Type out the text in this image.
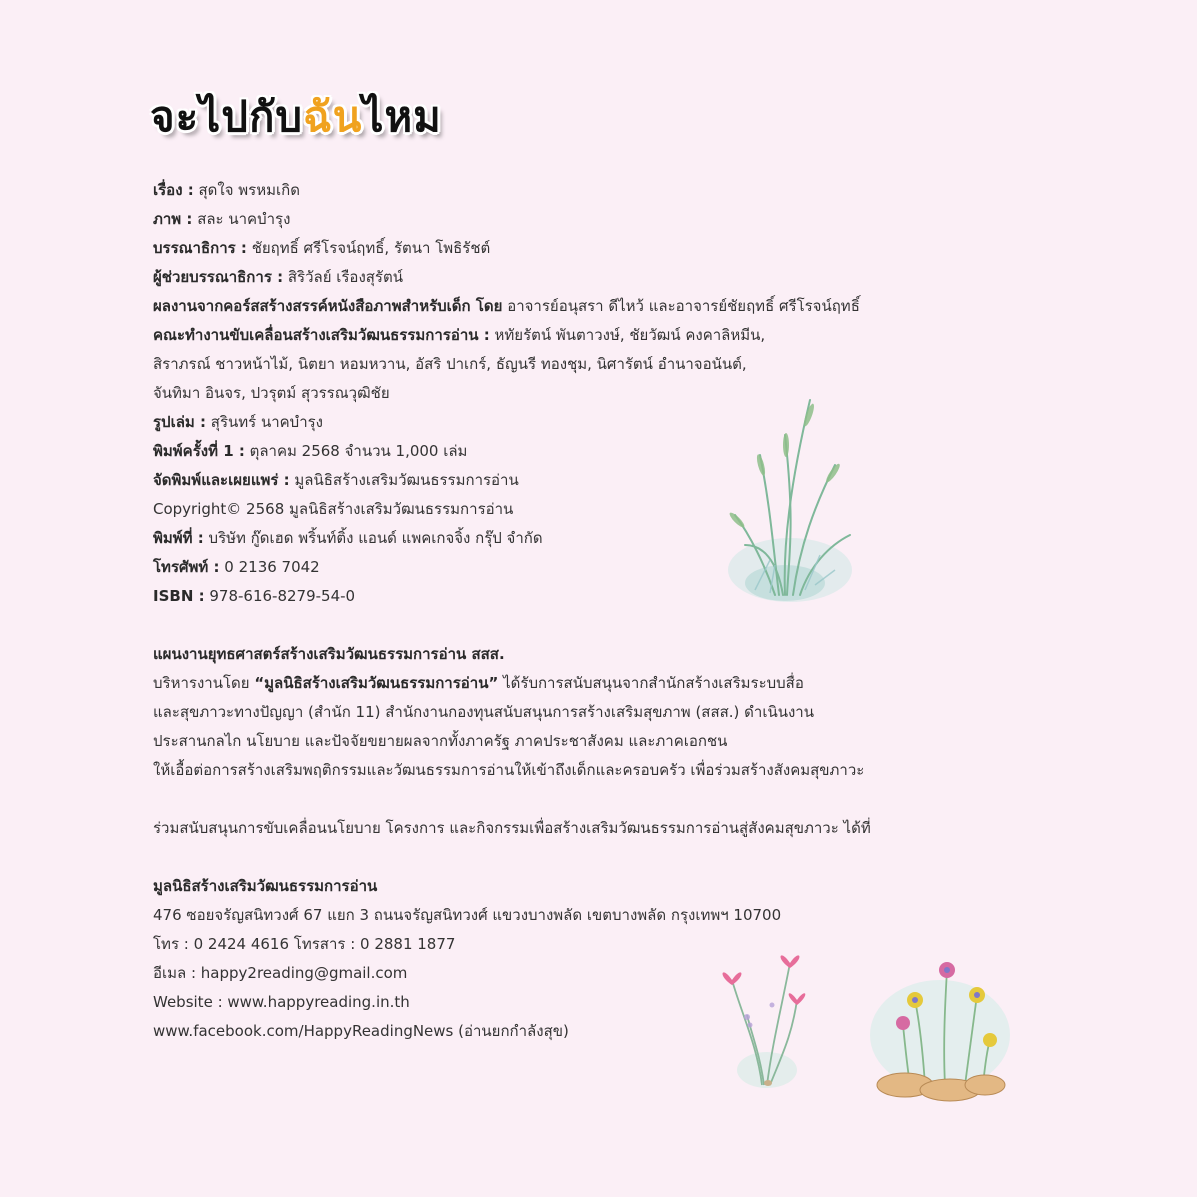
จะไปกับฉันไหม
เรื่อง : สุดใจ พรหมเกิด
ภาพ : สละ นาคบำรุง
บรรณาธิการ : ชัยฤทธิ์ ศรีโรจน์ฤทธิ์, รัตนา โพธิรัชต์
ผู้ช่วยบรรณาธิการ : สิริวัลย์ เรืองสุรัตน์
ผลงานจากคอร์สสร้างสรรค์หนังสือภาพสำหรับเด็ก โดย อาจารย์อนุสรา ดีไหว้ และอาจารย์ชัยฤทธิ์ ศรีโรจน์ฤทธิ์
คณะทำงานขับเคลื่อนสร้างเสริมวัฒนธรรมการอ่าน : หทัยรัตน์ พันตาวงษ์, ชัยวัฒน์ คงคาลิหมีน,
สิราภรณ์ ชาวหน้าไม้, นิตยา หอมหวาน, อัสริ ปาเกร์, ธัญนรี ทองชุม, นิศารัตน์ อำนาจอนันต์,
จันทิมา อินจร, ปวรุตม์ สุวรรณวุฒิชัย
รูปเล่ม : สุรินทร์ นาคบำรุง
พิมพ์ครั้งที่ 1 : ตุลาคม 2568 จำนวน 1,000 เล่ม
จัดพิมพ์และเผยแพร่ : มูลนิธิสร้างเสริมวัฒนธรรมการอ่าน
Copyright© 2568 มูลนิธิสร้างเสริมวัฒนธรรมการอ่าน
พิมพ์ที่ : บริษัท กู๊ดเฮด พริ้นท์ติ้ง แอนด์ แพคเกจจิ้ง กรุ๊ป จำกัด
โทรศัพท์ : 0 2136 7042
ISBN : 978-616-8279-54-0
แผนงานยุทธศาสตร์สร้างเสริมวัฒนธรรมการอ่าน สสส.
บริหารงานโดย “มูลนิธิสร้างเสริมวัฒนธรรมการอ่าน” ได้รับการสนับสนุนจากสำนักสร้างเสริมระบบสื่อ
และสุขภาวะทางปัญญา (สำนัก 11) สำนักงานกองทุนสนับสนุนการสร้างเสริมสุขภาพ (สสส.) ดำเนินงาน
ประสานกลไก นโยบาย และปัจจัยขยายผลจากทั้งภาครัฐ ภาคประชาสังคม และภาคเอกชน
ให้เอื้อต่อการสร้างเสริมพฤติกรรมและวัฒนธรรมการอ่านให้เข้าถึงเด็กและครอบครัว เพื่อร่วมสร้างสังคมสุขภาวะ
ร่วมสนับสนุนการขับเคลื่อนนโยบาย โครงการ และกิจกรรมเพื่อสร้างเสริมวัฒนธรรมการอ่านสู่สังคมสุขภาวะ ได้ที่
มูลนิธิสร้างเสริมวัฒนธรรมการอ่าน
476 ซอยจรัญสนิทวงศ์ 67 แยก 3 ถนนจรัญสนิทวงศ์ แขวงบางพลัด เขตบางพลัด กรุงเทพฯ 10700
โทร : 0 2424 4616 โทรสาร : 0 2881 1877
อีเมล : happy2reading@gmail.com
Website : www.happyreading.in.th
www.facebook.com/HappyReadingNews (อ่านยกกำลังสุข)
